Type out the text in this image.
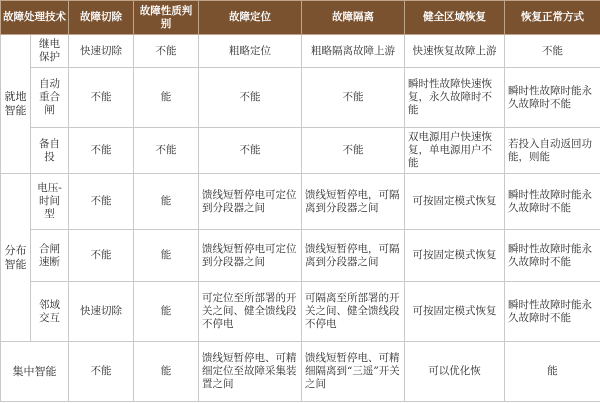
故障处理技术		故障切除	故障性质判别	故障定位	故障隔离	健全区域恢复	恢复正常方式
就地智能	继电保护	快速切除	不能	粗略定位	粗略隔离故障上游	快速恢复故障上游	不能
	自动重合闸	不能	能	不能	不能	瞬时性故障快速恢复，永久故障时不能	瞬时性故障时能永久故障时不能
	备自投	不能	不能	不能	不能	双电源用户快速恢复，单电源用户不能	若投入自动返回功能，则能
分布智能	电压-时间型	不能	能	馈线短暂停电可定位到分段器之间	馈线短暂停电，可隔离到分段器之间	可按固定模式恢复	瞬时性故障时能永久故障时不能
	合闸速断	不能	能	馈线短暂停电可定位到分段器之间	馈线短暂停电，可隔离到分段器之间	可按固定模式恢复	瞬时性故障时能永久故障时不能
	邻域交互	快速切除	能	可定位至所部署的开关之间、健全馈线段不停电	可隔离至所部署的开关之间、健全馈线段不停电	可按固定模式恢复	瞬时性故障时能永久故障时不能
集中智能		不能	能	馈线短暂停电、可精细定位至故障采集装置之间	馈线短暂停电、可精细隔离到“三遥”开关之间	可以优化恢	能
